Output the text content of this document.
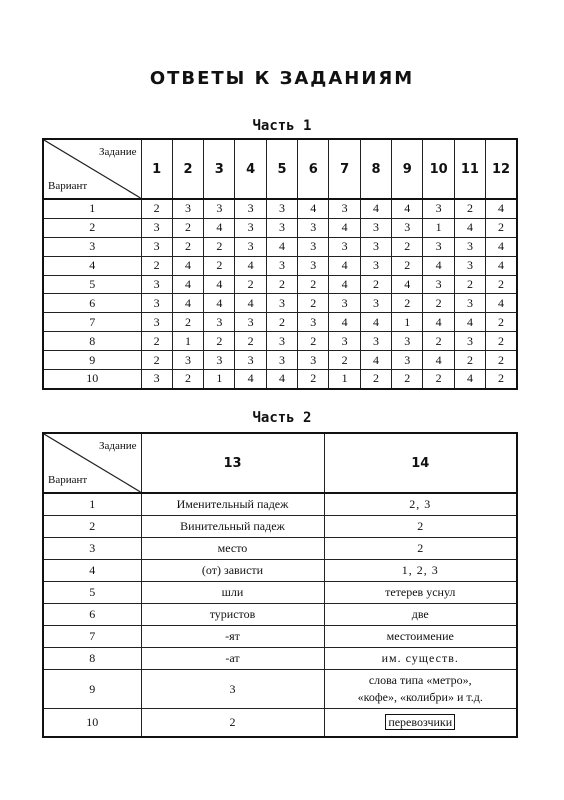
ОТВЕТЫ К ЗАДАНИЯМ
Часть 1
Задание
Вариант	1	2	3	4	5	6	7	8	9	10	11	12
1	2	3	3	3	3	4	3	4	4	3	2	4
2	3	2	4	3	3	3	4	3	3	1	4	2
3	3	2	2	3	4	3	3	3	2	3	3	4
4	2	4	2	4	3	3	4	3	2	4	3	4
5	3	4	4	2	2	2	4	2	4	3	2	2
6	3	4	4	4	3	2	3	3	2	2	3	4
7	3	2	3	3	2	3	4	4	1	4	4	2
8	2	1	2	2	3	2	3	3	3	2	3	2
9	2	3	3	3	3	3	2	4	3	4	2	2
10	3	2	1	4	4	2	1	2	2	2	4	2
Часть 2
Задание
Вариант	13	14
1	Именительный падеж	2, 3
2	Винительный падеж	2
3	место	2
4	(от) зависти	1, 2, 3
5	шли	тетерев уснул
6	туристов	две
7	-ят	местоимение
8	-ат	им. существ.
9	3	слова типа «метро»,
«кофе», «колибри» и т.д.

10	2	перевозчики
